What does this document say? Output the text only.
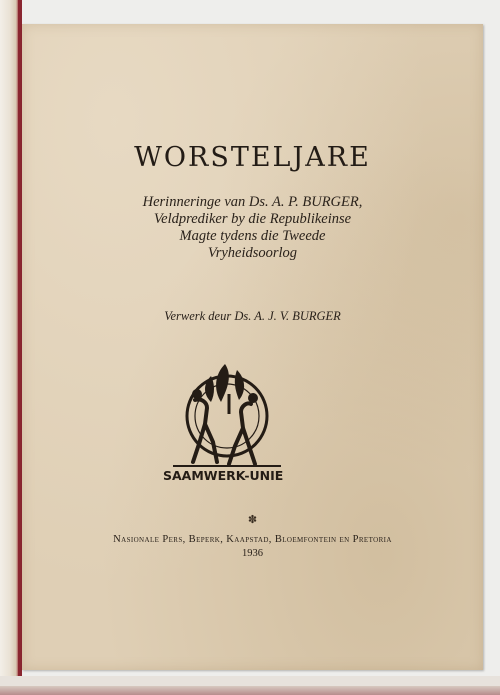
WORSTELJARE

Herinneringe van Ds. A. P. BURGER,

Veldprediker by die Republikeinse

Magte tydens die Tweede

Vryheidsoorlog

Verwerk deur Ds. A. J. V. BURGER

SAAMWERK-UNIE
✽

Nasionale Pers, Beperk, Kaapstad, Bloemfontein en Pretoria

1936
